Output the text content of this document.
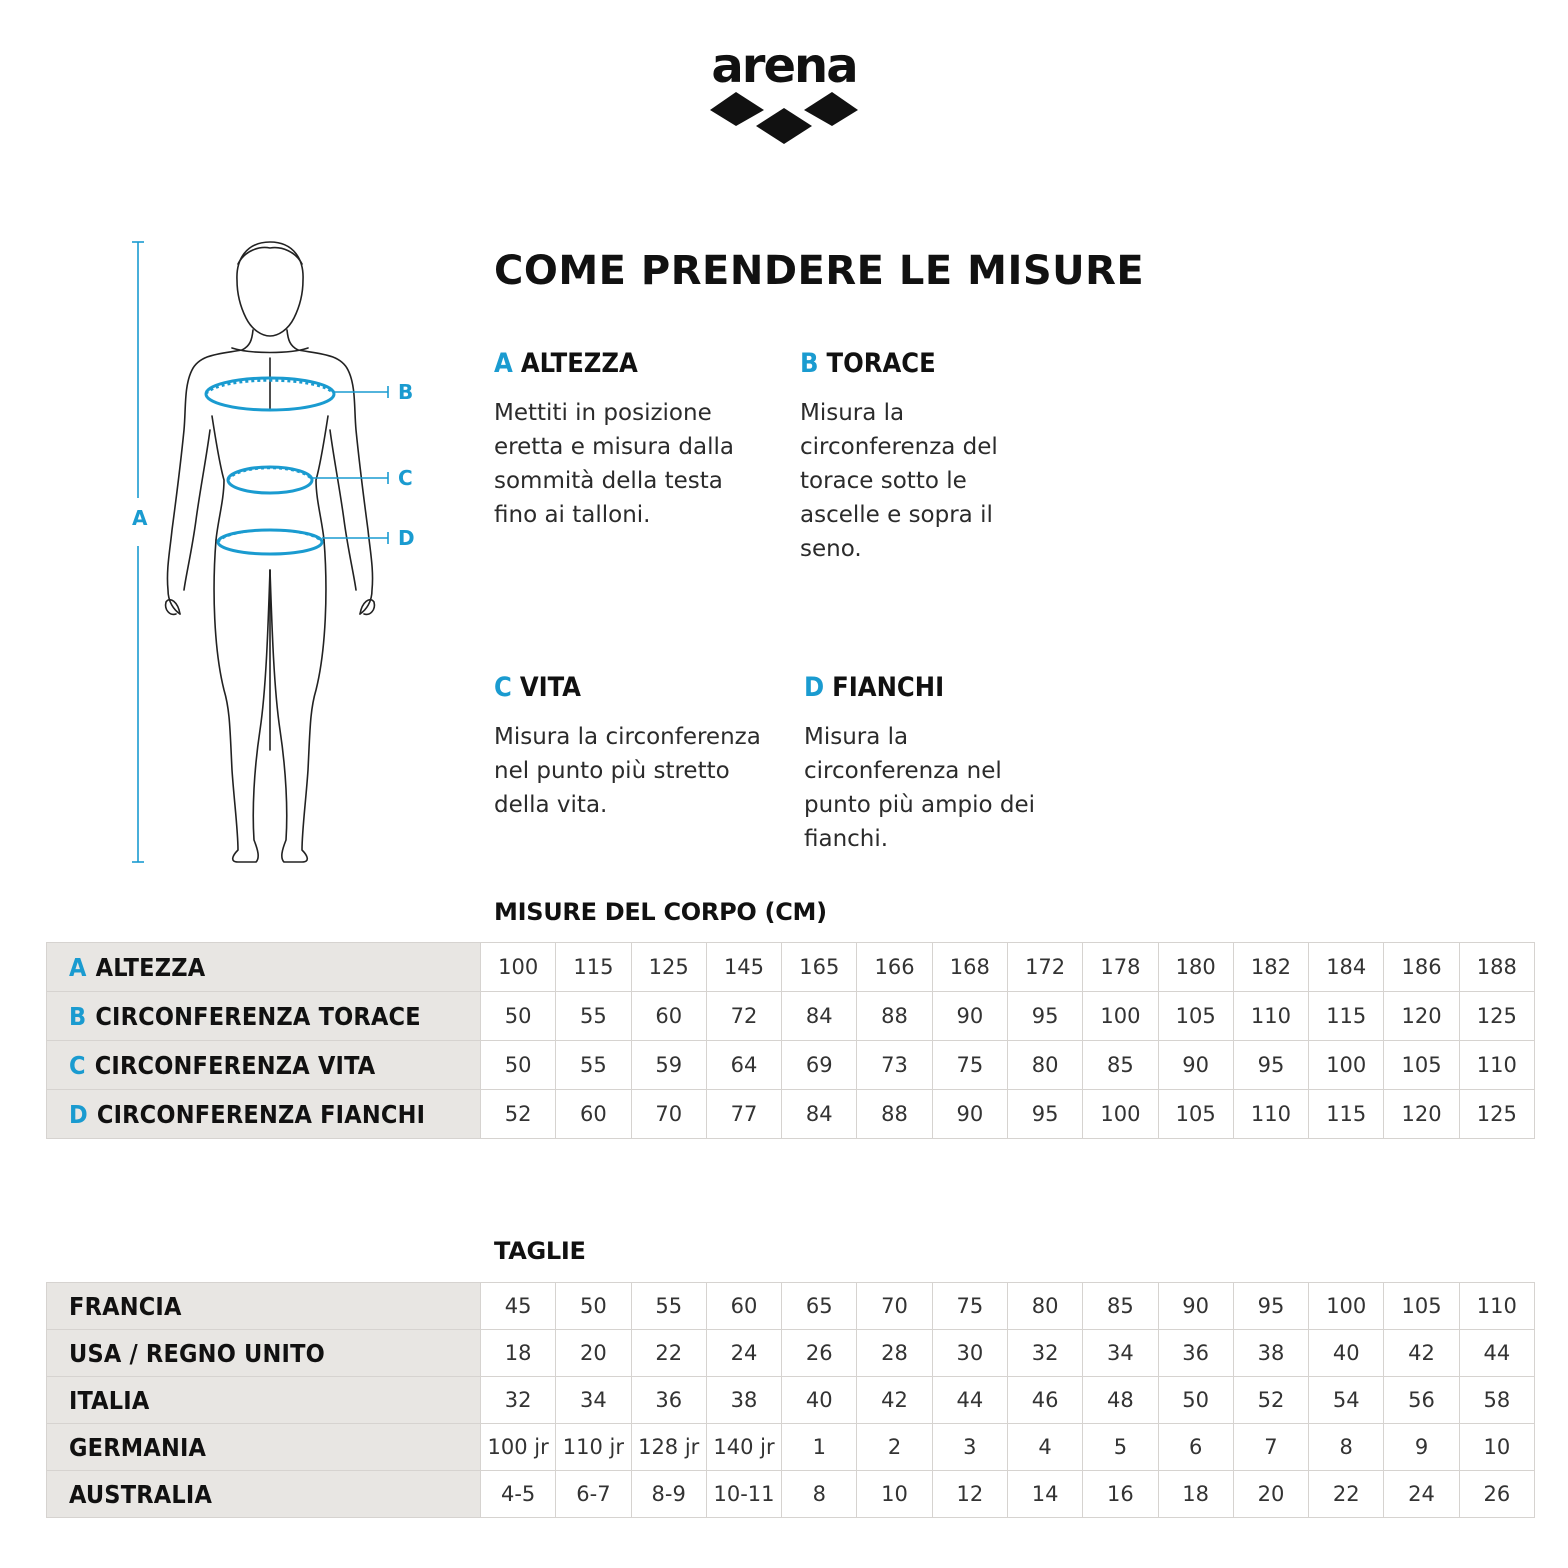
arena
A
B
C
D
COME PRENDERE LE MISURE
A ALTEZZA
Mettiti in posizione
eretta e misura dalla
sommità della testa
fino ai talloni.
B TORACE
Misura la
circonferenza del
torace sotto le
ascelle e sopra il
seno.
C VITA
Misura la circonferenza
nel punto più stretto
della vita.
D FIANCHI
Misura la
circonferenza nel
punto più ampio dei
fianchi.
MISURE DEL CORPO (CM)
A ALTEZZA	100	115	125	145	165	166	168	172	178	180	182	184	186	188
B CIRCONFERENZA TORACE	50	55	60	72	84	88	90	95	100	105	110	115	120	125
C CIRCONFERENZA VITA	50	55	59	64	69	73	75	80	85	90	95	100	105	110
D CIRCONFERENZA FIANCHI	52	60	70	77	84	88	90	95	100	105	110	115	120	125
TAGLIE
FRANCIA	45	50	55	60	65	70	75	80	85	90	95	100	105	110
USA / REGNO UNITO	18	20	22	24	26	28	30	32	34	36	38	40	42	44
ITALIA	32	34	36	38	40	42	44	46	48	50	52	54	56	58
GERMANIA	100 jr	110 jr	128 jr	140 jr	1	2	3	4	5	6	7	8	9	10
AUSTRALIA	4-5	6-7	8-9	10-11	8	10	12	14	16	18	20	22	24	26
